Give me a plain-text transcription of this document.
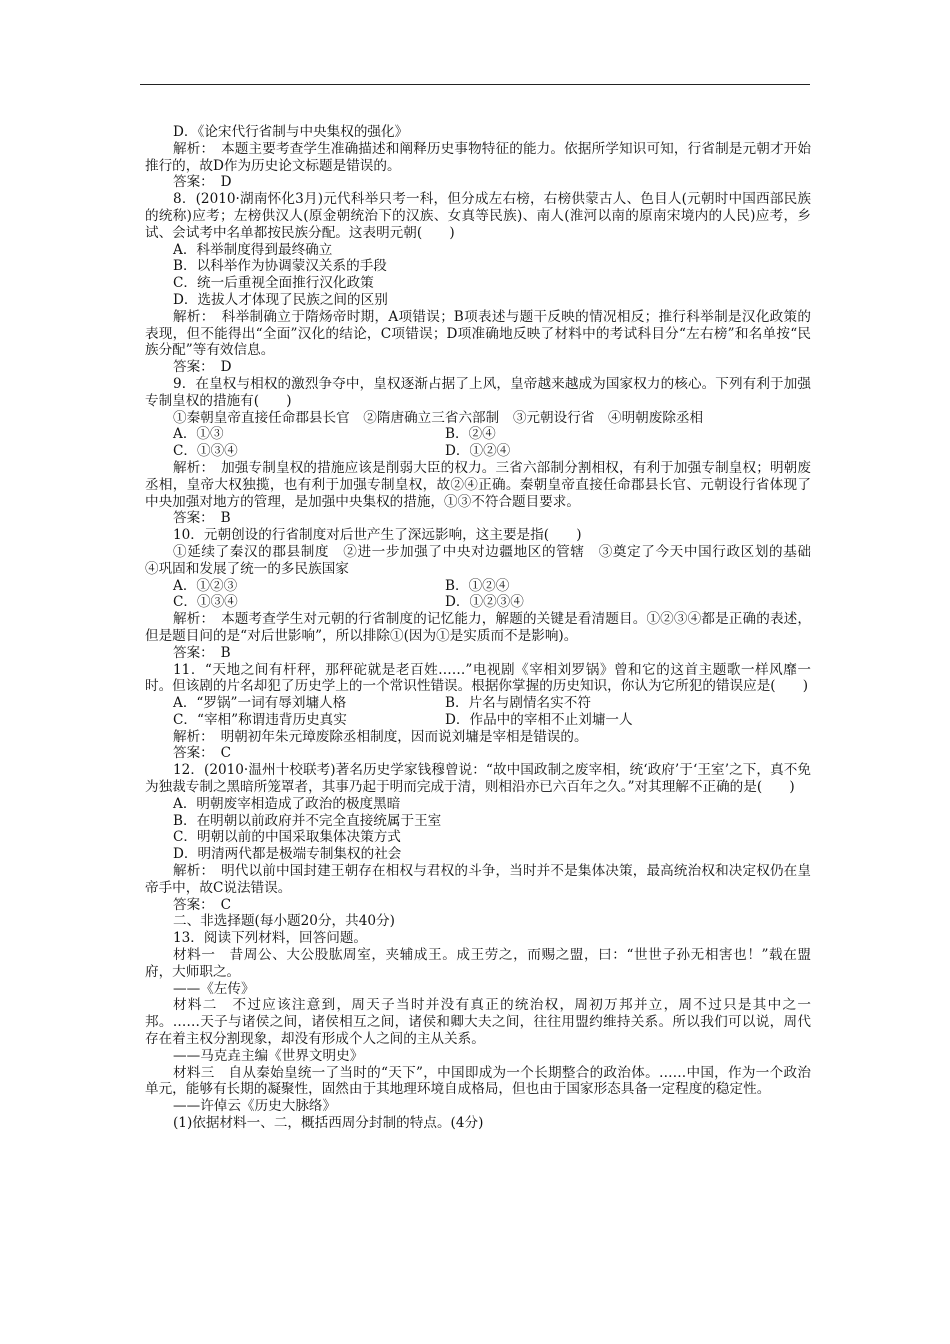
D．《论宋代行省制与中央集权的强化》

解析：　本题主要考查学生准确描述和阐释历史事物特征的能力。依据所学知识可知，行省制是元朝才开始推行的，故D作为历史论文标题是错误的。

答案：　D

8．(2010·湖南怀化3月)元代科举只考一科，但分成左右榜，右榜供蒙古人、色目人(元朝时中国西部民族的统称)应考；左榜供汉人(原金朝统治下的汉族、女真等民族)、南人(淮河以南的原南宋境内的人民)应考，乡试、会试考中名单都按民族分配。这表明元朝(　　)

A．科举制度得到最终确立

B．以科举作为协调蒙汉关系的手段

C．统一后重视全面推行汉化政策

D．选拔人才体现了民族之间的区别

解析：　科举制确立于隋炀帝时期，A项错误；B项表述与题干反映的情况相反；推行科举制是汉化政策的表现，但不能得出“全面”汉化的结论，C项错误；D项准确地反映了材料中的考试科目分“左右榜”和名单按“民族分配”等有效信息。

答案：　D

9．在皇权与相权的激烈争夺中，皇权逐渐占据了上风，皇帝越来越成为国家权力的核心。下列有利于加强专制皇权的措施有(　　)

①秦朝皇帝直接任命郡县长官　②隋唐确立三省六部制　③元朝设行省　④明朝废除丞相

A．①③	B．②④
C．①③④	D．①②④

解析：　加强专制皇权的措施应该是削弱大臣的权力。三省六部制分割相权，有利于加强专制皇权；明朝废丞相，皇帝大权独揽，也有利于加强专制皇权，故②④正确。秦朝皇帝直接任命郡县长官、元朝设行省体现了中央加强对地方的管理，是加强中央集权的措施，①③不符合题目要求。

答案：　B

10．元朝创设的行省制度对后世产生了深远影响，这主要是指(　　)

①延续了秦汉的郡县制度　②进一步加强了中央对边疆地区的管辖　③奠定了今天中国行政区划的基础　④巩固和发展了统一的多民族国家

A．①②③	B．①②④
C．①③④	D．①②③④

解析：　本题考查学生对元朝的行省制度的记忆能力，解题的关键是看清题目。①②③④都是正确的表述，但是题目问的是“对后世影响”，所以排除①(因为①是实质而不是影响)。

答案：　B

11．“天地之间有杆秤，那秤砣就是老百姓……”电视剧《宰相刘罗锅》曾和它的这首主题歌一样风靡一时。但该剧的片名却犯了历史学上的一个常识性错误。根据你掌握的历史知识，你认为它所犯的错误应是(　　)

A．“罗锅”一词有辱刘墉人格	B．片名与剧情名实不符
C．“宰相”称谓违背历史真实	D．作品中的宰相不止刘墉一人

解析：　明朝初年朱元璋废除丞相制度，因而说刘墉是宰相是错误的。

答案：　C

12．(2010·温州十校联考)著名历史学家钱穆曾说：“故中国政制之废宰相，统‘政府’于‘王室’之下，真不免为独裁专制之黑暗所笼罩者，其事乃起于明而完成于清，则相沿亦已六百年之久。”对其理解不正确的是(　　)

A．明朝废宰相造成了政治的极度黑暗

B．在明朝以前政府并不完全直接统属于王室

C．明朝以前的中国采取集体决策方式

D．明清两代都是极端专制集权的社会

解析：　明代以前中国封建王朝存在相权与君权的斗争，当时并不是集体决策，最高统治权和决定权仍在皇帝手中，故C说法错误。

答案：　C

二、非选择题(每小题20分，共40分)

13．阅读下列材料，回答问题。

材料一　昔周公、大公股肱周室，夹辅成王。成王劳之，而赐之盟，曰：“世世子孙无相害也！”载在盟府，大师职之。

——《左传》

材料二　不过应该注意到，周天子当时并没有真正的统治权，周初万邦并立，周不过只是其中之一邦。……天子与诸侯之间，诸侯相互之间，诸侯和卿大夫之间，往往用盟约维持关系。所以我们可以说，周代存在着主权分割现象，却没有形成个人之间的主从关系。

——马克垚主编《世界文明史》

材料三　自从秦始皇统一了当时的“天下”，中国即成为一个长期整合的政治体。……中国，作为一个政治单元，能够有长期的凝聚性，固然由于其地理环境自成格局，但也由于国家形态具备一定程度的稳定性。

——许倬云《历史大脉络》

(1)依据材料一、二，概括西周分封制的特点。(4分)
